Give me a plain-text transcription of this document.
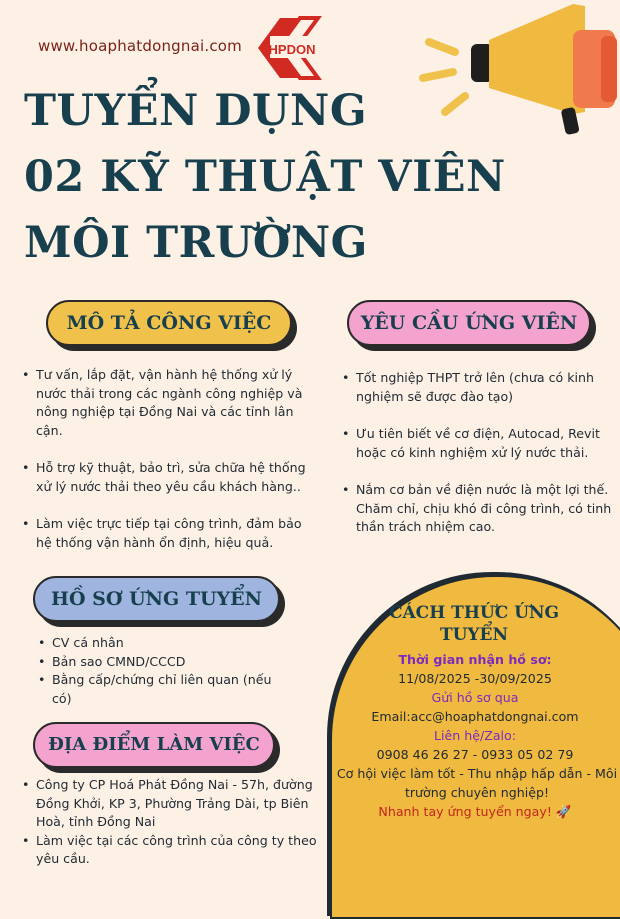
www.hoaphatdongnai.com HPDON
TUYỂN DỤNG
02 KỸ THUẬT VIÊN
MÔI TRƯỜNG
MÔ TẢ CÔNG VIỆC	YÊU CẦU ỨNG VIÊN
• Tư vấn, lắp đặt, vận hành hệ thống xử lý nước thải trong các ngành công nghiệp và nông nghiệp tại Đồng Nai và các tỉnh lân cận.
• Hỗ trợ kỹ thuật, bảo trì, sửa chữa hệ thống xử lý nước thải theo yêu cầu khách hàng..
• Làm việc trực tiếp tại công trình, đảm bảo hệ thống vận hành ổn định, hiệu quả.
• Tốt nghiệp THPT trở lên (chưa có kinh nghiệm sẽ được đào tạo)
• Ưu tiên biết về cơ điện, Autocad, Revit hoặc có kinh nghiệm xử lý nước thải.
• Nắm cơ bản về điện nước là một lợi thế. Chăm chỉ, chịu khó đi công trình, có tinh thần trách nhiệm cao.
HỒ SƠ ỨNG TUYỂN
• CV cá nhân
• Bản sao CMND/CCCD
• Bằng cấp/chứng chỉ liên quan (nếu có)
ĐỊA ĐIỂM LÀM VIỆC
• Công ty CP Hoá Phát Đồng Nai - 57h, đường Đồng Khởi, KP 3, Phường Trảng Dài, tp Biên Hoà, tỉnh Đồng Nai
• Làm việc tại các công trình của công ty theo yêu cầu.
CÁCH THỨC ỨNG TUYỂN
Thời gian nhận hồ sơ:
11/08/2025 -30/09/2025
Gửi hồ sơ qua
Email:acc@hoaphatdongnai.com
Liên hệ/Zalo:
0908 46 26 27 - 0933 05 02 79
Cơ hội việc làm tốt - Thu nhập hấp dẫn - Môi trường chuyên nghiệp!
Nhanh tay ứng tuyển ngay! 🚀
